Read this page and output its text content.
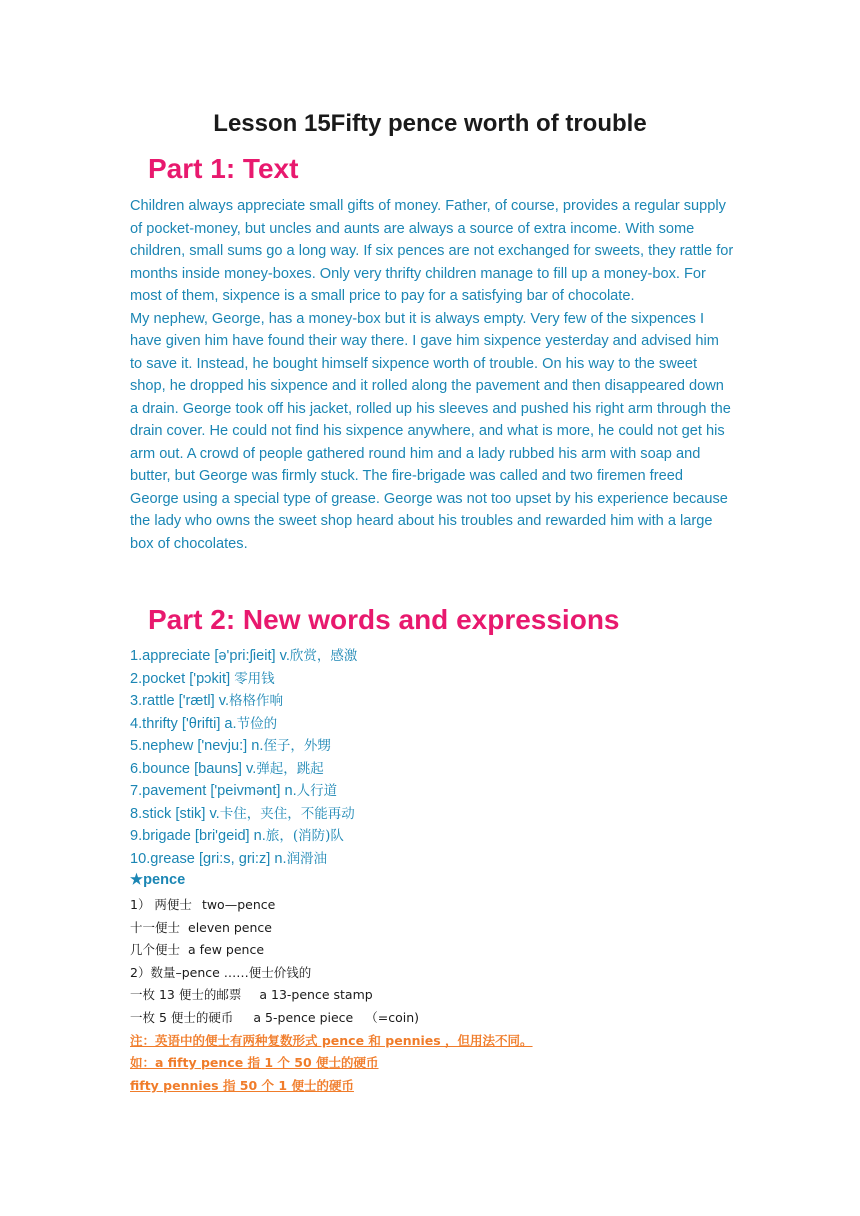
Lesson 15Fifty pence worth of trouble
Part 1: Text

Children always appreciate small gifts of money. Father, of course, provides a regular supply of pocket-money, but uncles and aunts are always a source of extra income. With some children, small sums go a long way. If six pences are not exchanged for sweets, they rattle for months inside money-boxes. Only very thrifty children manage to fill up a money-box. For most of them, sixpence is a small price to pay for a satisfying bar of chocolate.

My nephew, George, has a money-box but it is always empty. Very few of the sixpences I have given him have found their way there. I gave him sixpence yesterday and advised him to save it. Instead, he bought himself sixpence worth of trouble. On his way to the sweet shop, he dropped his sixpence and it rolled along the pavement and then disappeared down a drain. George took off his jacket, rolled up his sleeves and pushed his right arm through the drain cover. He could not find his sixpence anywhere, and what is more, he could not get his arm out. A crowd of people gathered round him and a lady rubbed his arm with soap and butter, but George was firmly stuck. The fire-brigade was called and two firemen freed George using a special type of grease. George was not too upset by his experience because the lady who owns the sweet shop heard about his troubles and rewarded him with a large box of chocolates.

Part 2: New words and expressions
1.appreciate [ə'pri:ʃieit] v.欣赏，感激
2.pocket ['pɔkit] 零用钱
3.rattle ['rætl] v.格格作响
4.thrifty ['θrifti] a.节俭的
5.nephew ['nevju:] n.侄子，外甥
6.bounce [bauns] v.弹起，跳起
7.pavement ['peivmənt] n.人行道
8.stick [stik] v.卡住，夹住，不能再动
9.brigade [bri'geid] n.旅，(消防)队
10.grease [gri:s, gri:z] n.润滑油
★pence
1） 两便士 two—pence
十一便士 eleven pence
几个便士 a few pence
2）数量–pence ……便士价钱的
一枚 13 便士的邮票 a 13-pence stamp
一枚 5 便士的硬币 a 5-pence piece （=coin)
注：英语中的便士有两种复数形式 pence 和 pennies ，但用法不同。
如：a fifty pence 指 1 个 50 便士的硬币
fifty pennies 指 50 个 1 便士的硬币
